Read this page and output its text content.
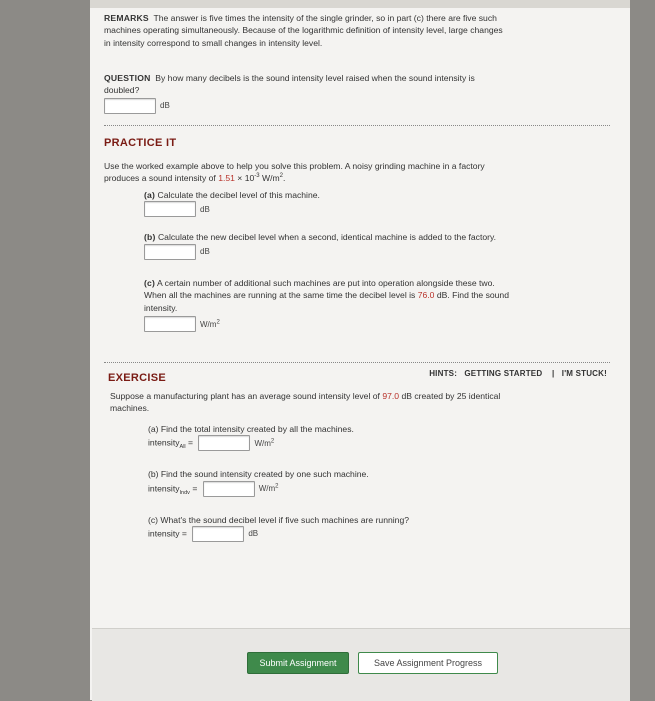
REMARKS The answer is five times the intensity of the single grinder, so in part (c) there are five such
machines operating simultaneously. Because of the logarithmic definition of intensity level, large changes
in intensity correspond to small changes in intensity level.
QUESTION By how many decibels is the sound intensity level raised when the sound intensity is
doubled?
dB
PRACTICE IT
Use the worked example above to help you solve this problem. A noisy grinding machine in a factory
produces a sound intensity of $1.51 \times 10^{-3}$ $W/m^2$.
(a) Calculate the decibel level of this machine.
dB
(b) Calculate the new decibel level when a second, identical machine is added to the factory.
dB
(c) A certain number of additional such machines are put into operation alongside these two.
When all the machines are running at the same time the decibel level is 76.0 dB. Find the sound
intensity.
$W/m^2$
EXERCISE	HINTS: GETTING STARTED | I'M STUCK!
Suppose a manufacturing plant has an average sound intensity level of 97.0 dB created by 25 identical
machines.
(a) Find the total intensity created by all the machines.
intensity$_{All}$ =	$W/m^2$
(b) Find the sound intensity created by one such machine.
intensity$_{Indv}$ =	$W/m^2$
(c) What's the sound decibel level if five such machines are running?
intensity =	dB
Submit Assignment	Save Assignment Progress
